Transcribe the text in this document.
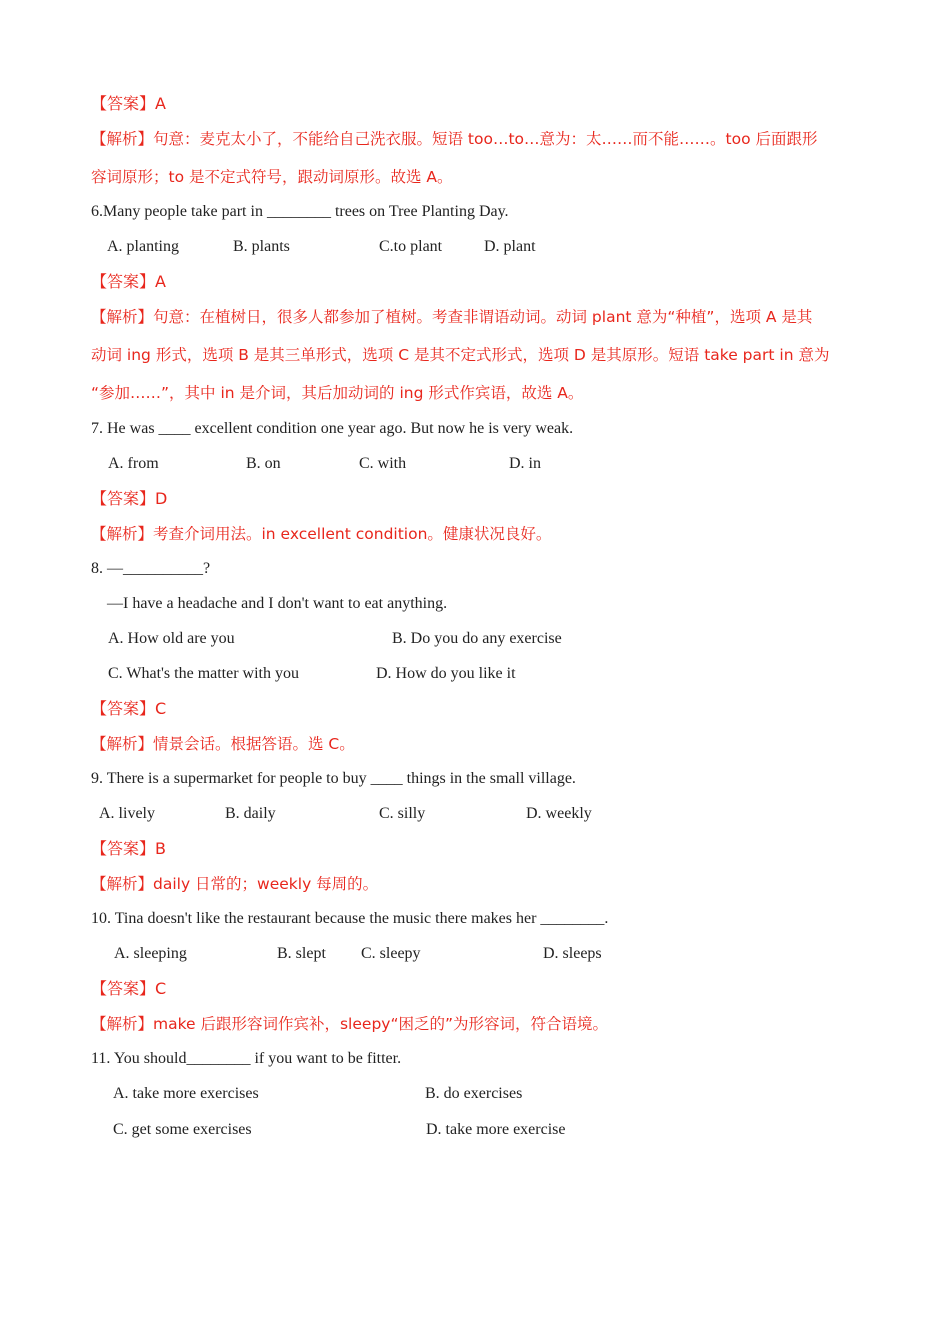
【答案】A
【解析】句意：麦克太小了，不能给自己洗衣服。短语 too…to…意为：太……而不能……。too 后面跟形
容词原形；to 是不定式符号，跟动词原形。故选 A。
6.Many people take part in ________ trees on Tree Planting Day.
A. planting	B. plants	C.to plant	D. plant
【答案】A
【解析】句意：在植树日，很多人都参加了植树。考查非谓语动词。动词 plant 意为“种植”，选项 A 是其
动词 ing 形式，选项 B 是其三单形式，选项 C 是其不定式形式，选项 D 是其原形。短语 take part in 意为
“参加……”，其中 in 是介词，其后加动词的 ing 形式作宾语，故选 A。
7. He was ____ excellent condition one year ago. But now he is very weak.
A. from	B. on	C. with	D. in
【答案】D
【解析】考查介词用法。in excellent condition。健康状况良好。
8. —__________?
—I have a headache and I don't want to eat anything.
A. How old are you	B. Do you do any exercise
C. What's the matter with you	D. How do you like it
【答案】C
【解析】情景会话。根据答语。选 C。
9. There is a supermarket for people to buy ____ things in the small village.
A. lively	B. daily	C. silly	D. weekly
【答案】B
【解析】daily 日常的；weekly 每周的。
10. Tina doesn't like the restaurant because the music there makes her ________.
A. sleeping	B. slept C. sleepy	D. sleeps
【答案】C
【解析】make 后跟形容词作宾补，sleepy“困乏的”为形容词，符合语境。
11. You should________ if you want to be fitter.
A. take more exercises	B. do exercises
C. get some exercises	D. take more exercise
